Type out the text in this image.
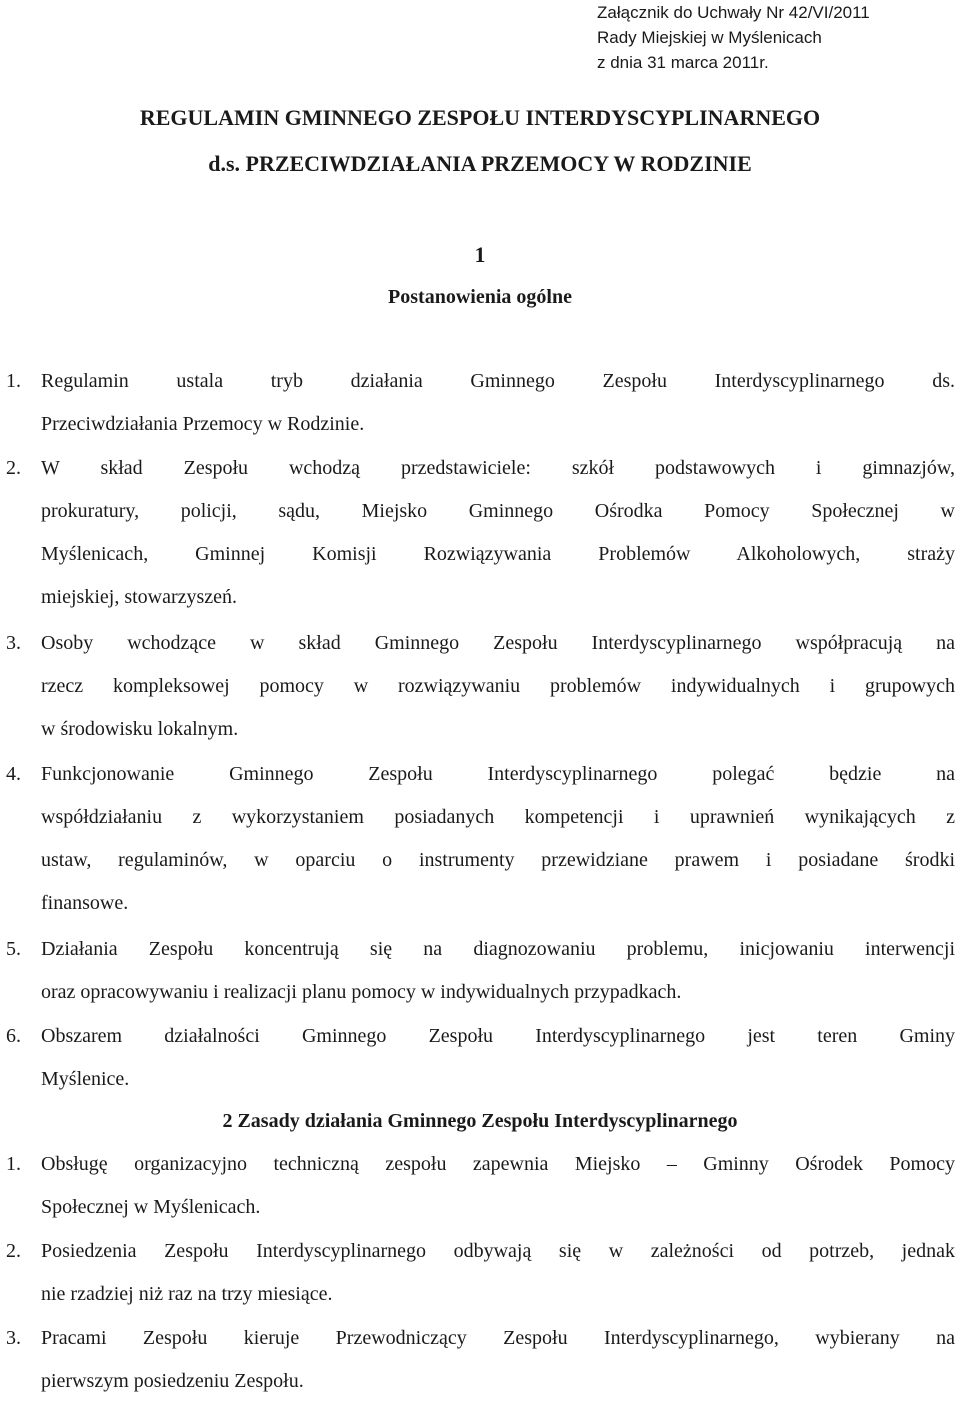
Załącznik do Uchwały Nr 42/VI/2011
Rady Miejskiej w Myślenicach
z dnia 31 marca 2011r.
REGULAMIN GMINNEGO ZESPOŁU INTERDYSCYPLINARNEGO
d.s. PRZECIWDZIAŁANIA PRZEMOCY W RODZINIE
1
Postanowienia ogólne
1. Regulamin ustala tryb działania Gminnego Zespołu Interdyscyplinarnego ds.
Przeciwdziałania Przemocy w Rodzinie.
2. W skład Zespołu wchodzą przedstawiciele: szkół podstawowych i gimnazjów,
prokuratury, policji, sądu, Miejsko Gminnego Ośrodka Pomocy Społecznej w
Myślenicach, Gminnej Komisji Rozwiązywania Problemów Alkoholowych, straży
miejskiej, stowarzyszeń.
3. Osoby wchodzące w skład Gminnego Zespołu Interdyscyplinarnego współpracują na
rzecz kompleksowej pomocy w rozwiązywaniu problemów indywidualnych i grupowych
w środowisku lokalnym.
4. Funkcjonowanie Gminnego Zespołu Interdyscyplinarnego polegać będzie na
współdziałaniu z wykorzystaniem posiadanych kompetencji i uprawnień wynikających z
ustaw, regulaminów, w oparciu o instrumenty przewidziane prawem i posiadane środki
finansowe.
5. Działania Zespołu koncentrują się na diagnozowaniu problemu, inicjowaniu interwencji
oraz opracowywaniu i realizacji planu pomocy w indywidualnych przypadkach.
6. Obszarem działalności Gminnego Zespołu Interdyscyplinarnego jest teren Gminy
Myślenice.
2 Zasady działania Gminnego Zespołu Interdyscyplinarnego
1. Obsługę organizacyjno techniczną zespołu zapewnia Miejsko – Gminny Ośrodek Pomocy
Społecznej w Myślenicach.
2. Posiedzenia Zespołu Interdyscyplinarnego odbywają się w zależności od potrzeb, jednak
nie rzadziej niż raz na trzy miesiące.
3. Pracami Zespołu kieruje Przewodniczący Zespołu Interdyscyplinarnego, wybierany na
pierwszym posiedzeniu Zespołu.
